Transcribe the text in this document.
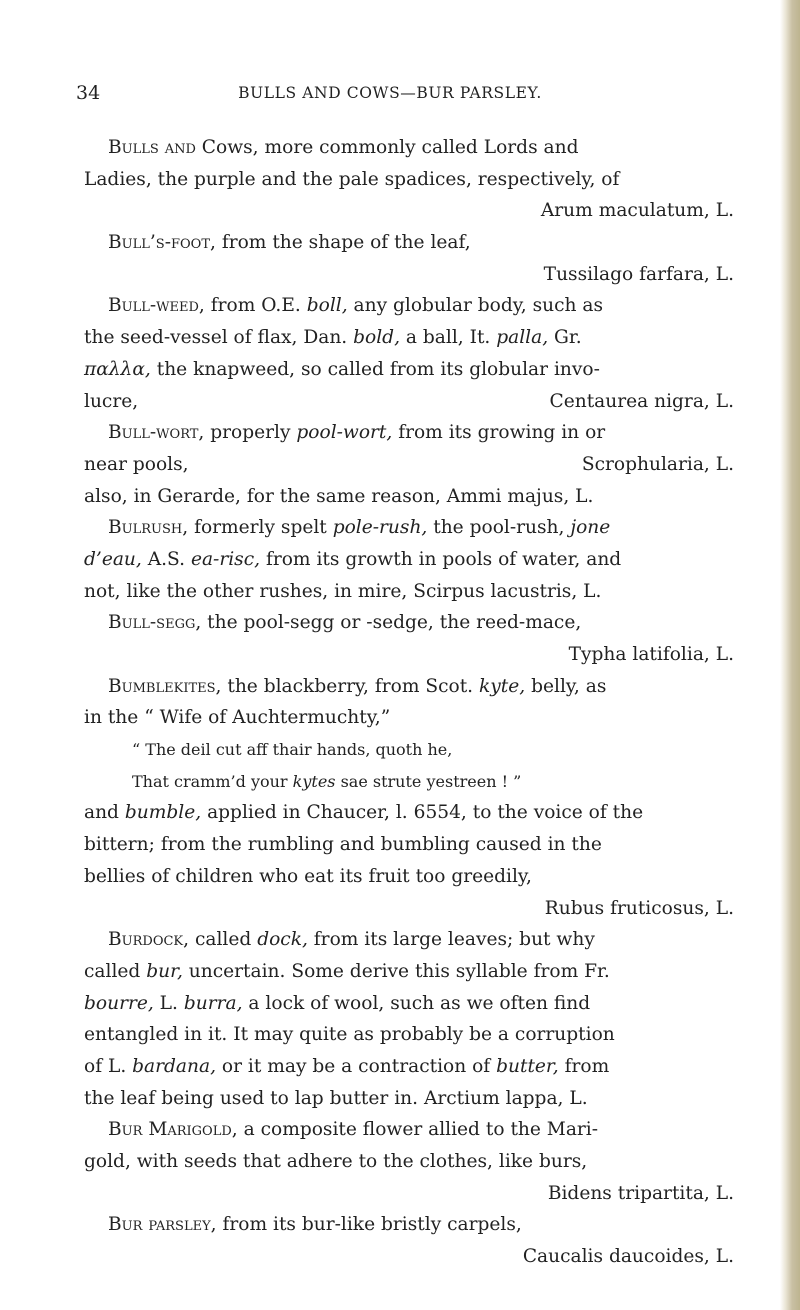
34	BULLS AND COWS—BUR PARSLEY.
Bulls and Cows, more commonly called Lords and
Ladies, the purple and the pale spadices, respectively, of
Arum maculatum, L.
Bull’s-foot, from the shape of the leaf,
Tussilago farfara, L.
Bull-weed, from O.E. boll, any globular body, such as
the seed-vessel of flax, Dan. bold, a ball, It. palla, Gr.
παλλα, the knapweed, so called from its globular invo-
lucre,	Centaurea nigra, L.
Bull-wort, properly pool-wort, from its growing in or
near pools,	Scrophularia, L.
also, in Gerarde, for the same reason, Ammi majus, L.
Bulrush, formerly spelt pole-rush, the pool-rush, jone
d’eau, A.S. ea-risc, from its growth in pools of water, and
not, like the other rushes, in mire, Scirpus lacustris, L.
Bull-segg, the pool-segg or -sedge, the reed-mace,
Typha latifolia, L.
Bumblekites, the blackberry, from Scot. kyte, belly, as
in the “ Wife of Auchtermuchty,”
“ The deil cut aff thair hands, quoth he,
That cramm’d your kytes sae strute yestreen ! ”
and bumble, applied in Chaucer, l. 6554, to the voice of the
bittern; from the rumbling and bumbling caused in the
bellies of children who eat its fruit too greedily,
Rubus fruticosus, L.
Burdock, called dock, from its large leaves; but why
called bur, uncertain. Some derive this syllable from Fr.
bourre, L. burra, a lock of wool, such as we often find
entangled in it. It may quite as probably be a corruption
of L. bardana, or it may be a contraction of butter, from
the leaf being used to lap butter in. Arctium lappa, L.
Bur Marigold, a composite flower allied to the Mari-
gold, with seeds that adhere to the clothes, like burs,
Bidens tripartita, L.
Bur parsley, from its bur-like bristly carpels,
Caucalis daucoides, L.
